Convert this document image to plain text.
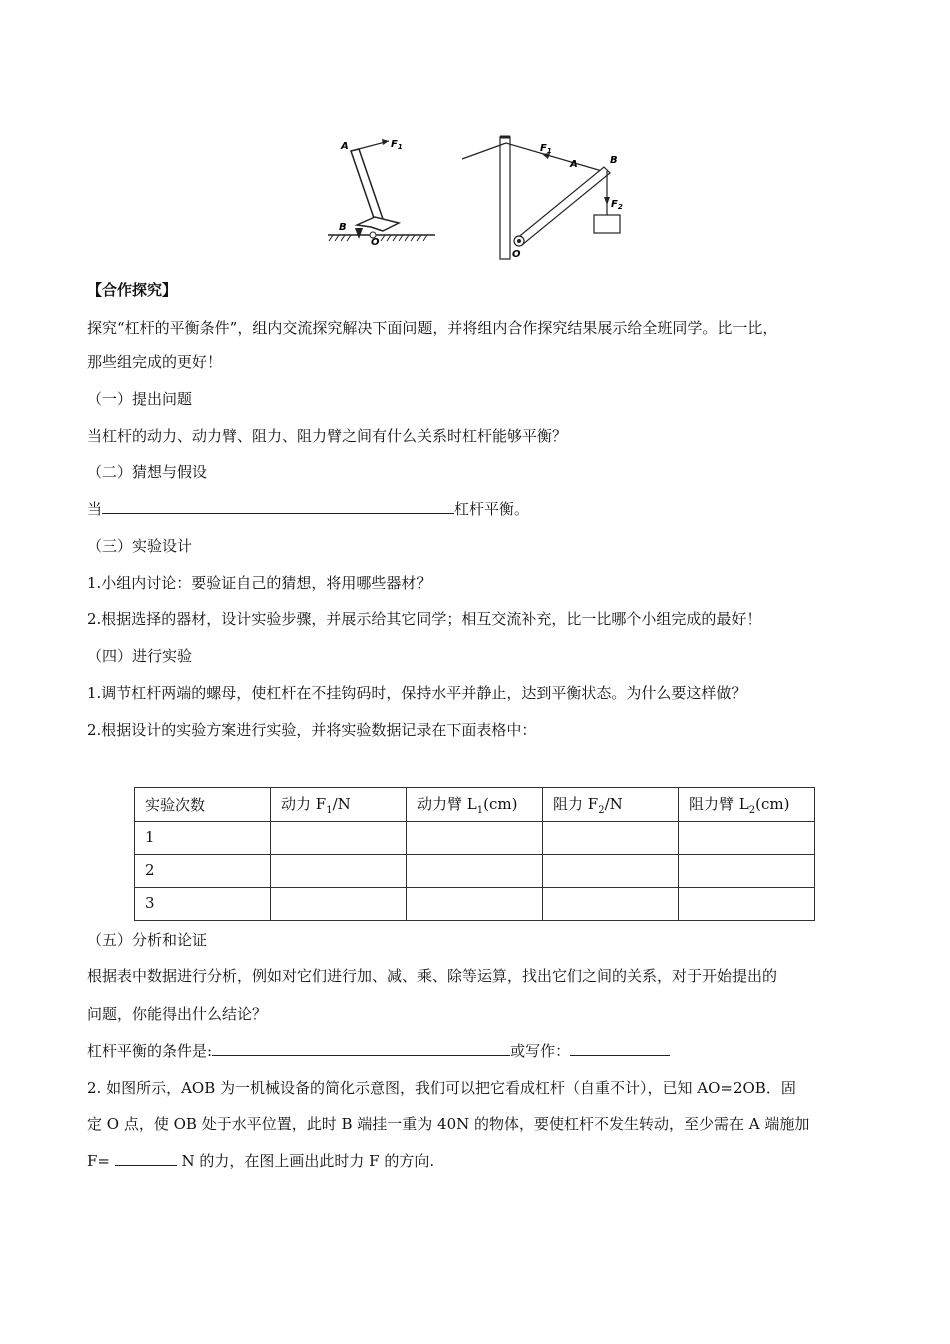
A	$F_1$
B
O
$F_1$
A	B
$F_2$
O
【合作探究】
探究“杠杆的平衡条件”，组内交流探究解决下面问题，并将组内合作探究结果展示给全班同学。比一比，
那些组完成的更好！
（一）提出问题
当杠杆的动力、动力臂、阻力、阻力臂之间有什么关系时杠杆能够平衡？
（二）猜想与假设
当	杠杆平衡。
（三）实验设计
1.小组内讨论：要验证自己的猜想，将用哪些器材？
2.根据选择的器材，设计实验步骤，并展示给其它同学；相互交流补充，比一比哪个小组完成的最好！
（四）进行实验
1.调节杠杆两端的螺母，使杠杆在不挂钩码时，保持水平并静止，达到平衡状态。为什么要这样做？
2.根据设计的实验方案进行实验，并将实验数据记录在下面表格中：
实验次数	动力 $F_1/N$	动力臂 $L_1(cm)$	阻力 $F_2/N$	阻力臂 $L_2(cm)$
1				
2				
3				
（五）分析和论证
根据表中数据进行分析，例如对它们进行加、减、乘、除等运算，找出它们之间的关系，对于开始提出的
问题，你能得出什么结论？
杠杆平衡的条件是:	或写作：
2. 如图所示，AOB 为一机械设备的简化示意图，我们可以把它看成杠杆（自重不计），已知 AO=2OB．固
定 O 点，使 OB 处于水平位置，此时 B 端挂一重为 40N 的物体，要使杠杆不发生转动，至少需在 A 端施加
F=	N 的力，在图上画出此时力 F 的方向.
